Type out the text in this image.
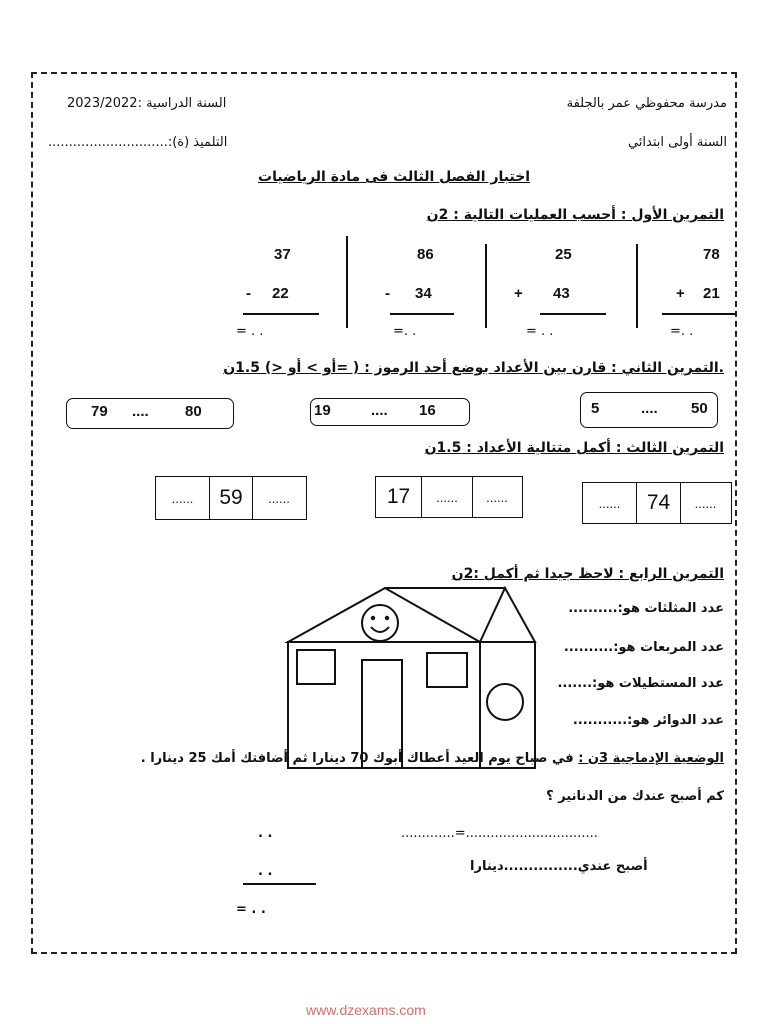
مدرسة محفوظي عمر بالجلفة
السنة الدراسية :2023/2022
السنة أولى ابتدائي
التلميذ (ة):.............................
اختبار الفصل الثالث فى مادة الرياضيات
التمرين الأول : أحسب العمليات التالية : 2ن
78
+ 21
=. .
25
+ 43
= . .
86
- 34
=. .
37
- 22
= . .
.التمرين الثاني : قارن بين الأعداد بوضع أحد الرموز : ( =أو > أو <) 1.5ن
50
....
5
16
....
19
80
....
79
التمرين الثالث : أكمل متتالية الأعداد : 1.5ن
......	74	......
17	......	......
......	59	......
التمرين الرابع : لاحظ جيدا ثم أكمل :2ن
عدد المثلثات هو:..........
عدد المربعات هو:..........
عدد المستطيلات هو:.......
عدد الدوائر هو:...........
الوضعية الإدماجية 3ن : في صباح يوم العيد أعطاك أبوك 70 دينارا ثم أضافتك أمك 25 دينارا .
كم أصبح عندك من الدنانير ؟
.............=................................
أصبح عندي...............دينارا
. .
. .
= . .
www.dzexams.com
